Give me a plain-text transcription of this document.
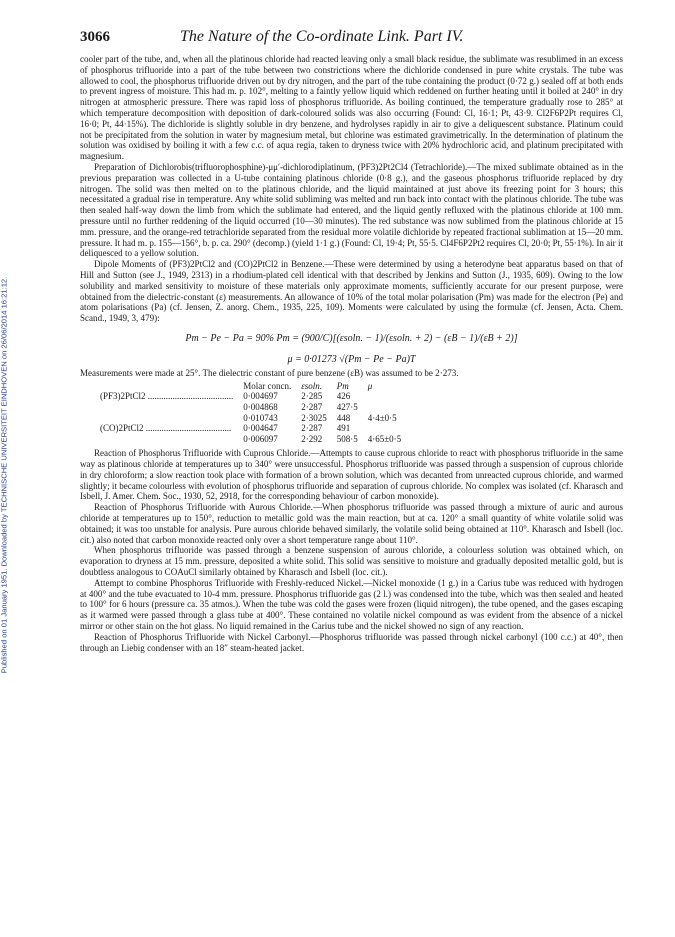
Published on 01 January 1951. Downloaded by TECHNISCHE UNIVERSITEIT EINDHOVEN on 26/06/2014 16:21:12.
3066	The Nature of the Co-ordinate Link. Part IV.

cooler part of the tube, and, when all the platinous chloride had reacted leaving only a small black residue, the sublimate was resublimed in an excess of phosphorus trifluoride into a part of the tube between two constrictions where the dichloride condensed in pure white crystals. The tube was allowed to cool, the phosphorus trifluoride driven out by dry nitrogen, and the part of the tube containing the product (0·72 g.) sealed off at both ends to prevent ingress of moisture. This had m. p. 102°, melting to a faintly yellow liquid which reddened on further heating until it boiled at 240° in dry nitrogen at atmospheric pressure. There was rapid loss of phosphorus trifluoride. As boiling continued, the temperature gradually rose to 285° at which temperature decomposition with deposition of dark-coloured solids was also occurring (Found: Cl, 16·1; Pt, 43·9. Cl2F6P2Pt requires Cl, 16·0; Pt, 44·15%). The dichloride is slightly soluble in dry benzene, and hydrolyses rapidly in air to give a deliquescent substance. Platinum could not be precipitated from the solution in water by magnesium metal, but chlorine was estimated gravimetrically. In the determination of platinum the solution was oxidised by boiling it with a few c.c. of aqua regia, taken to dryness twice with 20% hydrochloric acid, and platinum precipitated with magnesium.

Preparation of Dichlorobis(trifluorophosphine)-μμ′-dichlorodiplatinum, (PF3)2Pt2Cl4 (Tetrachloride).—The mixed sublimate obtained as in the previous preparation was collected in a U-tube containing platinous chloride (0·8 g.), and the gaseous phosphorus trifluoride replaced by dry nitrogen. The solid was then melted on to the platinous chloride, and the liquid maintained at just above its freezing point for 3 hours; this necessitated a gradual rise in temperature. Any white solid subliming was melted and run back into contact with the platinous chloride. The tube was then sealed half-way down the limb from which the sublimate had entered, and the liquid gently refluxed with the platinous chloride at 100 mm. pressure until no further reddening of the liquid occurred (10—30 minutes). The red substance was now sublimed from the platinous chloride at 15 mm. pressure, and the orange-red tetrachloride separated from the residual more volatile dichloride by repeated fractional sublimation at 15—20 mm. pressure. It had m. p. 155—156°, b. p. ca. 290° (decomp.) (yield 1·1 g.) (Found: Cl, 19·4; Pt, 55·5. Cl4F6P2Pt2 requires Cl, 20·0; Pt, 55·1%). In air it deliquesced to a yellow solution.

Dipole Moments of (PF3)2PtCl2 and (CO)2PtCl2 in Benzene.—These were determined by using a heterodyne beat apparatus based on that of Hill and Sutton (see J., 1949, 2313) in a rhodium-plated cell identical with that described by Jenkins and Sutton (J., 1935, 609). Owing to the low solubility and marked sensitivity to moisture of these materials only approximate moments, sufficiently accurate for our present purpose, were obtained from the dielectric-constant (ε) measurements. An allowance of 10% of the total molar polarisation (Pm) was made for the electron (Pe) and atom polarisations (Pa) (cf. Jensen, Z. anorg. Chem., 1935, 225, 109). Moments were calculated by using the formulæ (cf. Jensen, Acta. Chem. Scand., 1949, 3, 479):

Pm − Pe − Pa = 90% Pm = (900/C)[(εsoln. − 1)/(εsoln. + 2) − (εB − 1)/(εB + 2)]
μ = 0·01273 √(Pm − Pe − Pa)T

Measurements were made at 25°. The dielectric constant of pure benzene (εB) was assumed to be 2·273.

	Molar concn.	εsoln.	Pm	μ
(PF3)2PtCl2 ......................................	0·004697	2·285	426	
	0·004868	2·287	427·5	
	0·010743	2·3025	448	4·4±0·5
(CO)2PtCl2 ......................................	0·004647	2·287	491	
	0·006097	2·292	508·5	4·65±0·5

Reaction of Phosphorus Trifluoride with Cuprous Chloride.—Attempts to cause cuprous chloride to react with phosphorus trifluoride in the same way as platinous chloride at temperatures up to 340° were unsuccessful. Phosphorus trifluoride was passed through a suspension of cuprous chloride in dry chloroform; a slow reaction took place with formation of a brown solution, which was decanted from unreacted cuprous chloride, and warmed slightly; it became colourless with evolution of phosphorus trifluoride and separation of cuprous chloride. No complex was isolated (cf. Kharasch and Isbell, J. Amer. Chem. Soc., 1930, 52, 2918, for the corresponding behaviour of carbon monoxide).

Reaction of Phosphorus Trifluoride with Aurous Chloride.—When phosphorus trifluoride was passed through a mixture of auric and aurous chloride at temperatures up to 150°, reduction to metallic gold was the main reaction, but at ca. 120° a small quantity of white volatile solid was obtained; it was too unstable for analysis. Pure aurous chloride behaved similarly, the volatile solid being obtained at 110°. Kharasch and Isbell (loc. cit.) also noted that carbon monoxide reacted only over a short temperature range about 110°.

When phosphorus trifluoride was passed through a benzene suspension of aurous chloride, a colourless solution was obtained which, on evaporation to dryness at 15 mm. pressure, deposited a white solid. This solid was sensitive to moisture and gradually deposited metallic gold, but is doubtless analogous to COAuCl similarly obtained by Kharasch and Isbell (loc. cit.).

Attempt to combine Phosphorus Trifluoride with Freshly-reduced Nickel.—Nickel monoxide (1 g.) in a Carius tube was reduced with hydrogen at 400° and the tube evacuated to 10-4 mm. pressure. Phosphorus trifluoride gas (2 l.) was condensed into the tube, which was then sealed and heated to 100° for 6 hours (pressure ca. 35 atmos.). When the tube was cold the gases were frozen (liquid nitrogen), the tube opened, and the gases escaping as it warmed were passed through a glass tube at 400°. These contained no volatile nickel compound as was evident from the absence of a nickel mirror or other stain on the hot glass. No liquid remained in the Carius tube and the nickel showed no sign of any reaction.

Reaction of Phosphorus Trifluoride with Nickel Carbonyl.—Phosphorus trifluoride was passed through nickel carbonyl (100 c.c.) at 40°, then through an Liebig condenser with an 18″ steam-heated jacket.
